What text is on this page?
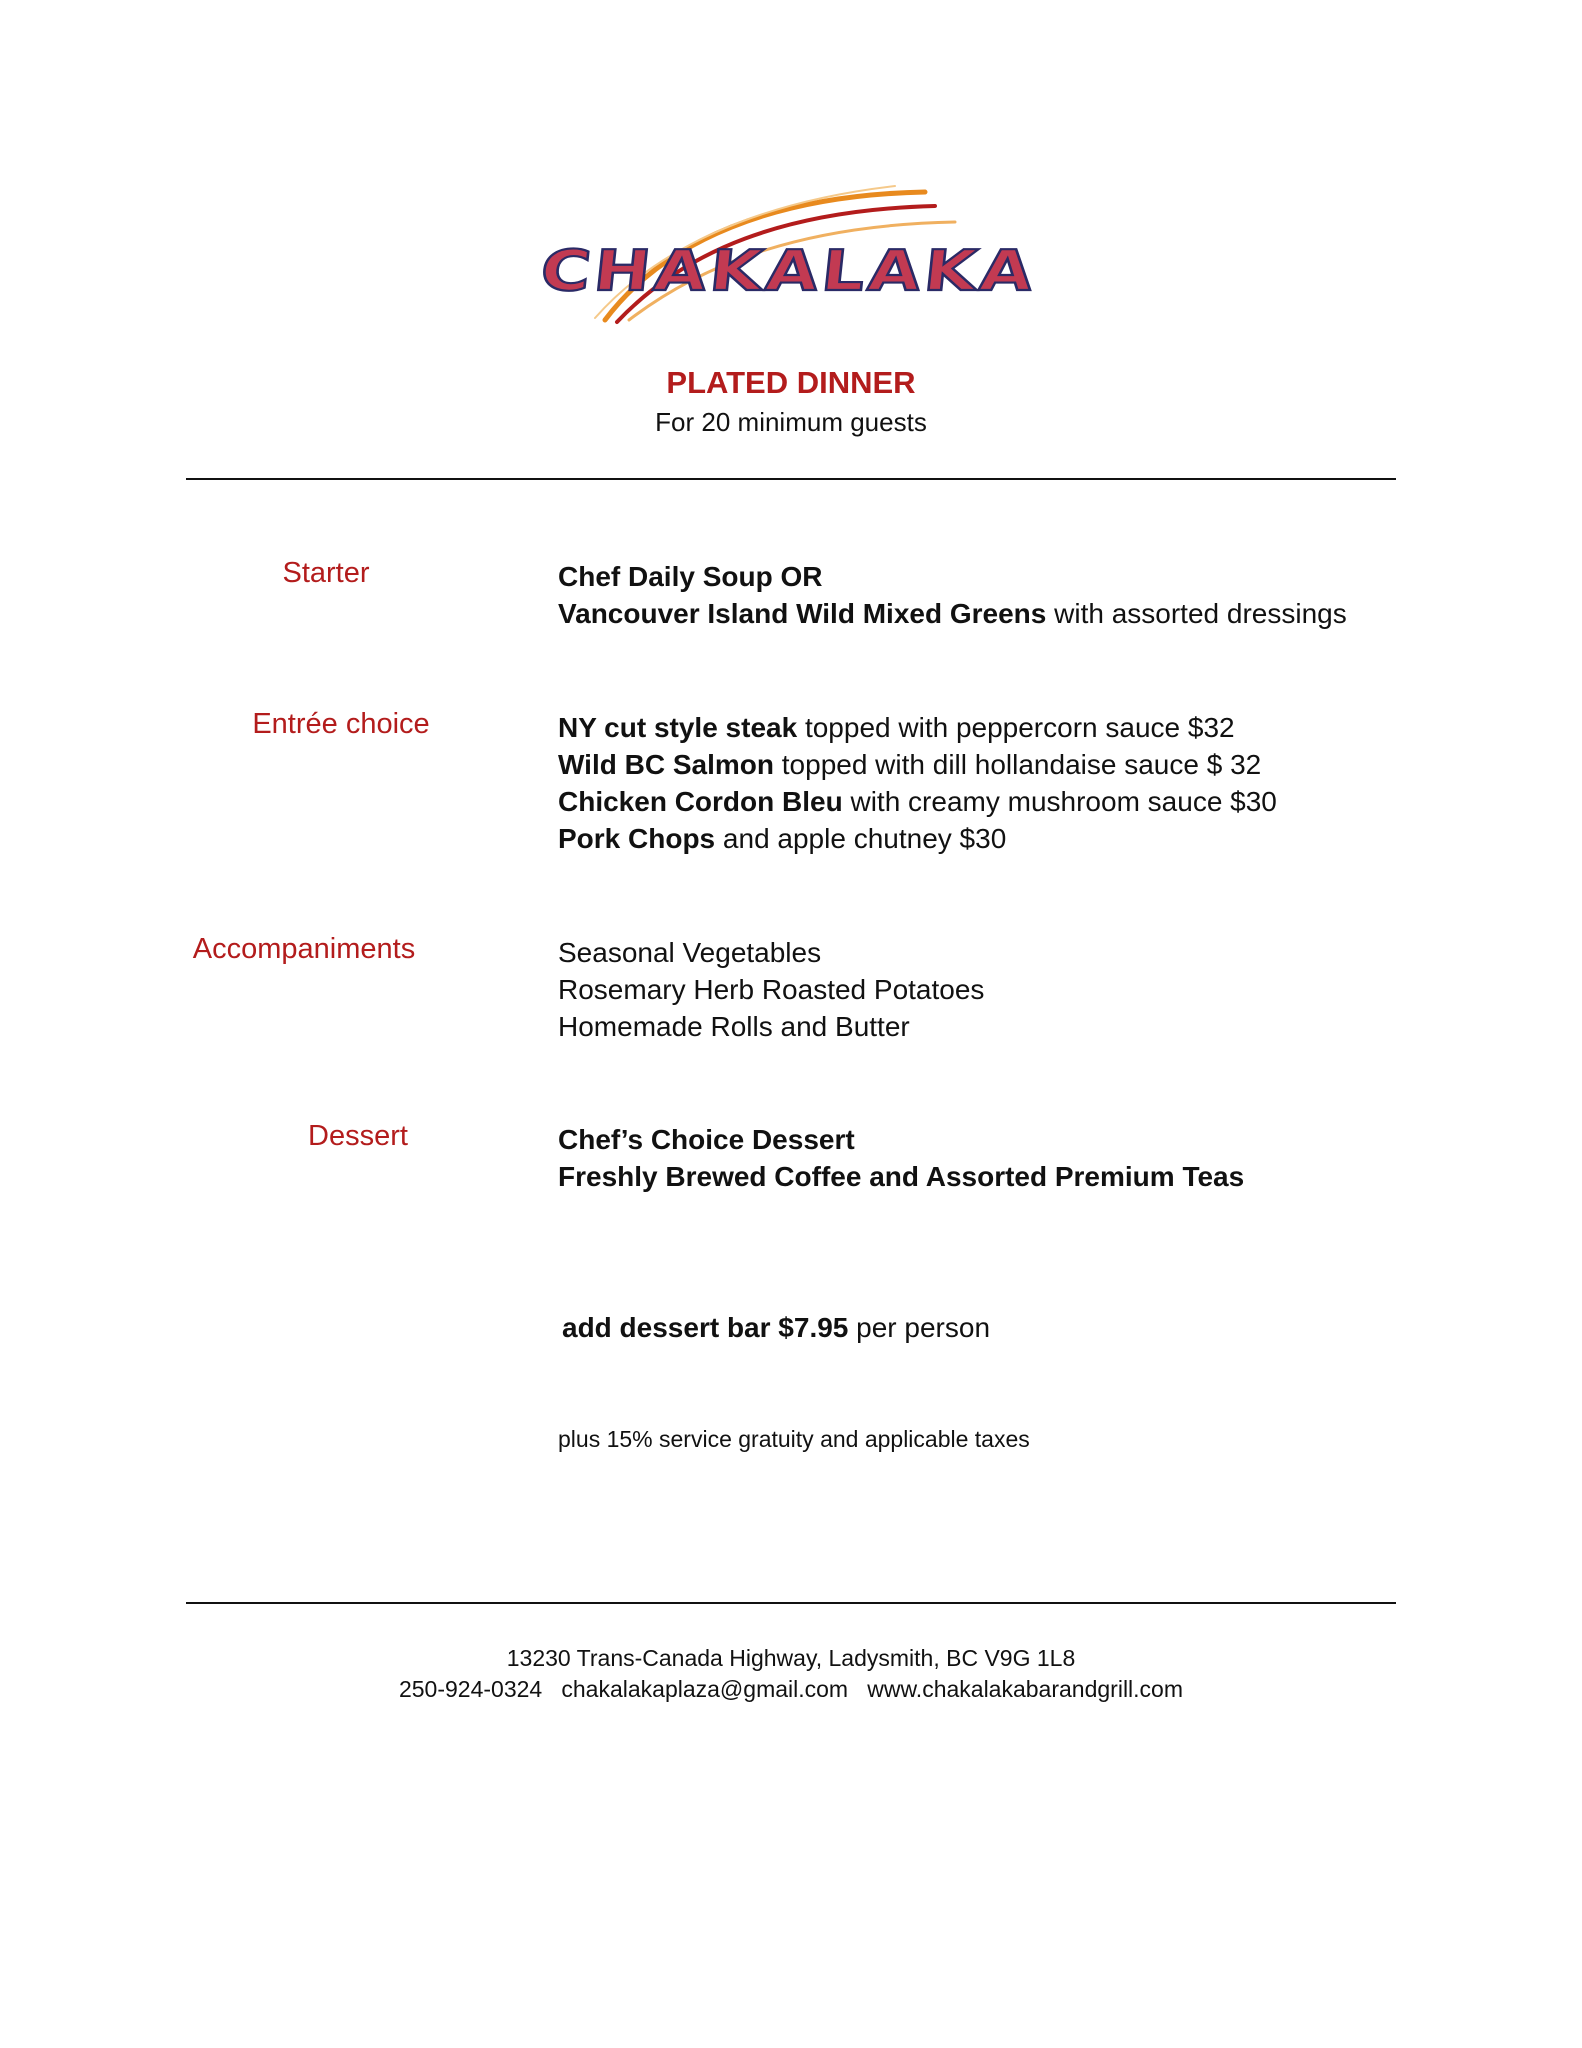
CHAKALAKA
PLATED DINNER
For 20 minimum guests
Starter	Chef Daily Soup OR
Vancouver Island Wild Mixed Greens with assorted dressings
Entrée choice	NY cut style steak topped with peppercorn sauce $32
Wild BC Salmon topped with dill hollandaise sauce $ 32
Chicken Cordon Bleu with creamy mushroom sauce $30
Pork Chops and apple chutney $30
Accompaniments	Seasonal Vegetables
Rosemary Herb Roasted Potatoes
Homemade Rolls and Butter
Dessert	Chef’s Choice Dessert
Freshly Brewed Coffee and Assorted Premium Teas
add dessert bar $7.95 per person
plus 15% service gratuity and applicable taxes
13230 Trans-Canada Highway, Ladysmith, BC V9G 1L8
250-924-0324 chakalakaplaza@gmail.com www.chakalakabarandgrill.com
